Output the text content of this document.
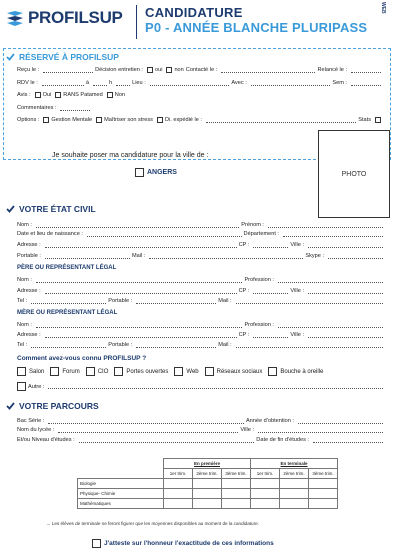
PROFILSUP CANDIDATURE
P0 - ANNÉE BLANCHE PLURIPASS
WEB
RÉSERVÉ À PROFILSUP
Reçu le :	Décision entretien : oui non Contacté le :	Relancé le :
RDV le :	à	h	Lieu :	Avec :	Sem :
Avis : Oui RANS Patamed Non
Commentaires :
Options : Gestion Mentale Maîtriser son stress Di. expédié le :	Stats
Je souhaite poser ma candidature pour la ville de :
ANGERS	PHOTO
VOTRE ÉTAT CIVIL
Nom :	Prénom :
Date et lieu de naissance :	Département :
Adresse :	CP :	Ville :
Portable :	Mail :	Skype :
PÈRE OU REPRÉSENTANT LÉGAL
Nom :	Profession :
Adresse :	CP :	Ville :
Tel :	Portable :	Mail :
MÈRE OU REPRÉSENTANT LÉGAL
Nom :	Profession :
Adresse :	CP :	Ville :
Tel :	Portable :	Mail :
Comment avez-vous connu PROFILSUP ?
Salon	Forum	CIO	Portes ouvertes	Web	Réseaux sociaux	Bouche à oreille
Autre :
VOTRE PARCOURS
Bac Série :	Année d'obtention :
Nom du lycée :	Ville :
Et/ou Niveau d'études :	Date de fin d'études :
	En première			En terminale		
	1er trim.	2ème trim.	3ème trim.	1er trim.	2ème trim.	3ème trim.
Biologie						
Physique- Chimie						
Mathématiques						
→ Les élèves de terminale ne feront figurer que les moyennes disponibles au moment de la candidature.
J'atteste sur l'honneur l'exactitude de ces informations
